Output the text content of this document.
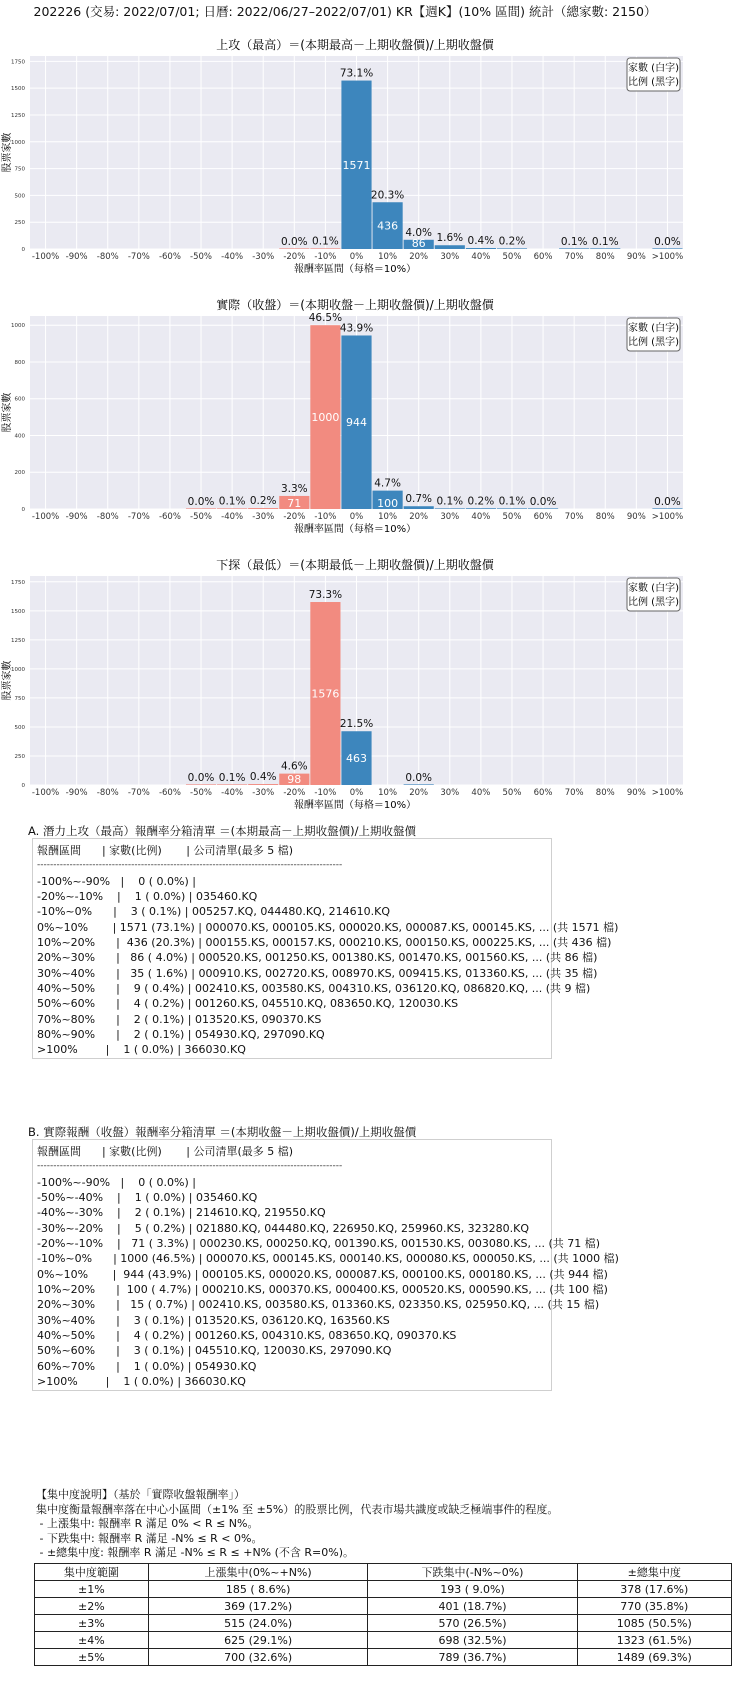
202226 (交易: 2022/07/01; 日曆: 2022/06/27–2022/07/01) KR【週K】(10% 區間) 統計（總家數: 2150）
上攻（最高）＝(本期最高－上期收盤價)/上期收盤價
0
250
500
750
1000
1250
1500
1750
-100% -90% -80% -70% -60% -50% -40% -30%
0.0%
-20%
0.1%
-10%
1571
73.1%
0%
436
20.3%
10%
86
4.0%
20%
1.6%
30%
0.4%
40%
0.2%
50% 60%
0.1%
70%
0.1%
80% 90%
0.0%
>100%
報酬率區間（每格＝10%）
股票家數
家數 (白字)
比例 (黑字)
實際（收盤）＝(本期收盤－上期收盤價)/上期收盤價
0
200
400
600
800
1000
-100% -90% -80% -70% -60%
0.0%
-50%
0.1%
-40%
0.2%
-30%
71
3.3%
-20%
1000
46.5%
-10%
944
43.9%
0%
100
4.7%
10%
0.7%
20%
0.1%
30%
0.2%
40%
0.1%
50%
0.0%
60% 70% 80% 90%
0.0%
>100%
報酬率區間（每格＝10%）
股票家數
家數 (白字)
比例 (黑字)
下探（最低）＝(本期最低－上期收盤價)/上期收盤價
0
250
500
750
1000
1250
1500
1750
-100% -90% -80% -70% -60%
0.0%
-50%
0.1%
-40%
0.4%
-30%
98
4.6%
-20%
1576
73.3%
-10%
463
21.5%
0% 10%
0.0%
20% 30% 40% 50% 60% 70% 80% 90% >100%
報酬率區間（每格＝10%）
股票家數
家數 (白字)
比例 (黑字)
A. 潛力上攻（最高）報酬率分箱清單 ＝(本期最高－上期收盤價)/上期收盤價
報酬區間      | 家數(比例)       | 公司清單(最多 5 檔)
----------------------------------------------------------------------------------------------
-100%~-90%   |    0 ( 0.0%) |
-20%~-10%    |    1 ( 0.0%) | 035460.KQ
-10%~0%      |    3 ( 0.1%) | 005257.KQ, 044480.KQ, 214610.KQ
0%~10%       | 1571 (73.1%) | 000070.KS, 000105.KS, 000020.KS, 000087.KS, 000145.KS, ... (共 1571 檔)
10%~20%      |  436 (20.3%) | 000155.KS, 000157.KS, 000210.KS, 000150.KS, 000225.KS, ... (共 436 檔)
20%~30%      |   86 ( 4.0%) | 000520.KS, 001250.KS, 001380.KS, 001470.KS, 001560.KS, ... (共 86 檔)
30%~40%      |   35 ( 1.6%) | 000910.KS, 002720.KS, 008970.KS, 009415.KS, 013360.KS, ... (共 35 檔)
40%~50%      |    9 ( 0.4%) | 002410.KS, 003580.KS, 004310.KS, 036120.KQ, 086820.KQ, ... (共 9 檔)
50%~60%      |    4 ( 0.2%) | 001260.KS, 045510.KQ, 083650.KQ, 120030.KS
70%~80%      |    2 ( 0.1%) | 013520.KS, 090370.KS
80%~90%      |    2 ( 0.1%) | 054930.KQ, 297090.KQ
>100%        |    1 ( 0.0%) | 366030.KQ
B. 實際報酬（收盤）報酬率分箱清單 ＝(本期收盤－上期收盤價)/上期收盤價
報酬區間      | 家數(比例)       | 公司清單(最多 5 檔)
----------------------------------------------------------------------------------------------
-100%~-90%   |    0 ( 0.0%) |
-50%~-40%    |    1 ( 0.0%) | 035460.KQ
-40%~-30%    |    2 ( 0.1%) | 214610.KQ, 219550.KQ
-30%~-20%    |    5 ( 0.2%) | 021880.KQ, 044480.KQ, 226950.KQ, 259960.KS, 323280.KQ
-20%~-10%    |   71 ( 3.3%) | 000230.KS, 000250.KQ, 001390.KS, 001530.KS, 003080.KS, ... (共 71 檔)
-10%~0%      | 1000 (46.5%) | 000070.KS, 000145.KS, 000140.KS, 000080.KS, 000050.KS, ... (共 1000 檔)
0%~10%       |  944 (43.9%) | 000105.KS, 000020.KS, 000087.KS, 000100.KS, 000180.KS, ... (共 944 檔)
10%~20%      |  100 ( 4.7%) | 000210.KS, 000370.KS, 000400.KS, 000520.KS, 000590.KS, ... (共 100 檔)
20%~30%      |   15 ( 0.7%) | 002410.KS, 003580.KS, 013360.KS, 023350.KS, 025950.KQ, ... (共 15 檔)
30%~40%      |    3 ( 0.1%) | 013520.KS, 036120.KQ, 163560.KS
40%~50%      |    4 ( 0.2%) | 001260.KS, 004310.KS, 083650.KQ, 090370.KS
50%~60%      |    3 ( 0.1%) | 045510.KQ, 120030.KS, 297090.KQ
60%~70%      |    1 ( 0.0%) | 054930.KQ
>100%        |    1 ( 0.0%) | 366030.KQ
【集中度說明】（基於「實際收盤報酬率」）
集中度衡量報酬率落在中心小區間（±1% 至 ±5%）的股票比例，代表市場共識度或缺乏極端事件的程度。
- 上漲集中: 報酬率 R 滿足 0% < R ≤ N%。
- 下跌集中: 報酬率 R 滿足 -N% ≤ R < 0%。
- ±總集中度: 報酬率 R 滿足 -N% ≤ R ≤ +N% (不含 R=0%)。
集中度範圍	上漲集中(0%~+N%)	下跌集中(-N%~0%)	±總集中度
±1%	185 ( 8.6%)	193 ( 9.0%)	378 (17.6%)
±2%	369 (17.2%)	401 (18.7%)	770 (35.8%)
±3%	515 (24.0%)	570 (26.5%)	1085 (50.5%)
±4%	625 (29.1%)	698 (32.5%)	1323 (61.5%)
±5%	700 (32.6%)	789 (36.7%)	1489 (69.3%)
